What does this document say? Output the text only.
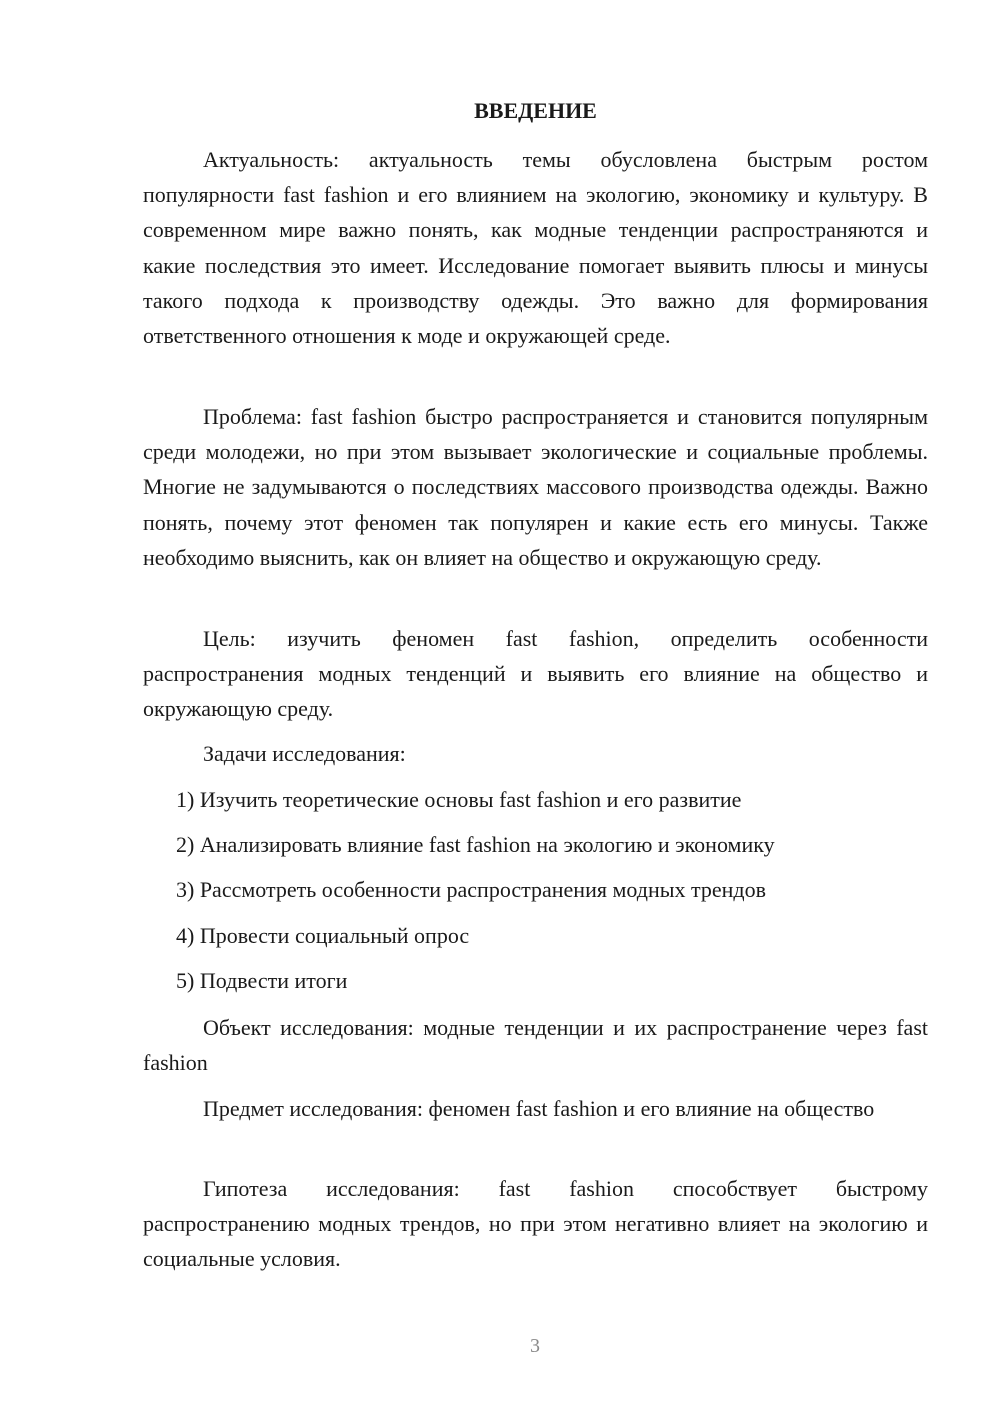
ВВЕДЕНИЕ

Актуальность: актуальность темы обусловлена быстрым ростом популярности fast fashion и его влиянием на экологию, экономику и культуру. В современном мире важно понять, как модные тенденции распространяются и какие последствия это имеет. Исследование помогает выявить плюсы и минусы такого подхода к производству одежды. Это важно для формирования ответственного отношения к моде и окружающей среде.

Проблема: fast fashion быстро распространяется и становится популярным среди молодежи, но при этом вызывает экологические и социальные проблемы. Многие не задумываются о последствиях массового производства одежды. Важно понять, почему этот феномен так популярен и какие есть его минусы. Также необходимо выяснить, как он влияет на общество и окружающую среду.

Цель: изучить феномен fast fashion, определить особенности распространения модных тенденций и выявить его влияние на общество и окружающую среду.

Задачи исследования:

1) Изучить теоретические основы fast fashion и его развитие

2) Анализировать влияние fast fashion на экологию и экономику

3) Рассмотреть особенности распространения модных трендов

4) Провести социальный опрос

5) Подвести итоги

Объект исследования: модные тенденции и их распространение через fast fashion

Предмет исследования: феномен fast fashion и его влияние на общество

Гипотеза исследования: fast fashion способствует быстрому распространению модных трендов, но при этом негативно влияет на экологию и социальные условия.

3
